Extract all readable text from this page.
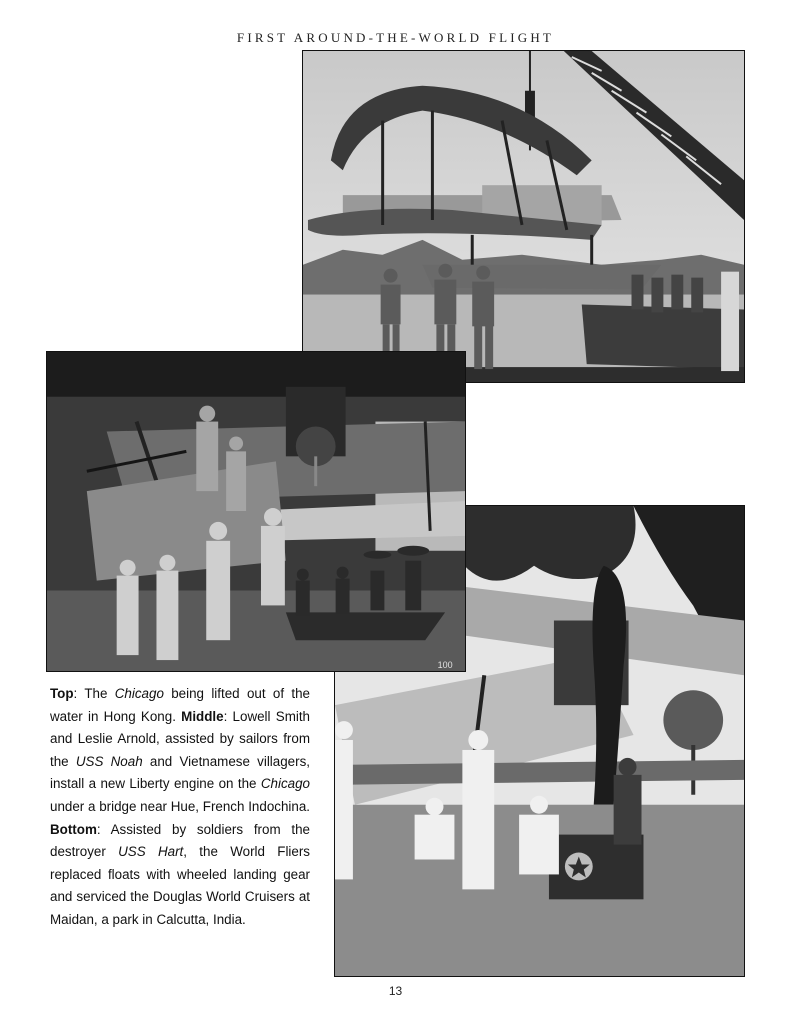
FIRST AROUND-THE-WORLD FLIGHT
100
Top: The Chicago being lifted out of the water in Hong Kong. Middle: Lowell Smith and Leslie Arnold, assisted by sailors from the USS Noah and Vietnamese villagers, install a new Liberty engine on the Chicago under a bridge near Hue, French Indochina. Bottom: Assisted by soldiers from the destroyer USS Hart, the World Fliers replaced floats with wheeled landing gear and serviced the Douglas World Cruisers at Maidan, a park in Calcutta, India.
13
